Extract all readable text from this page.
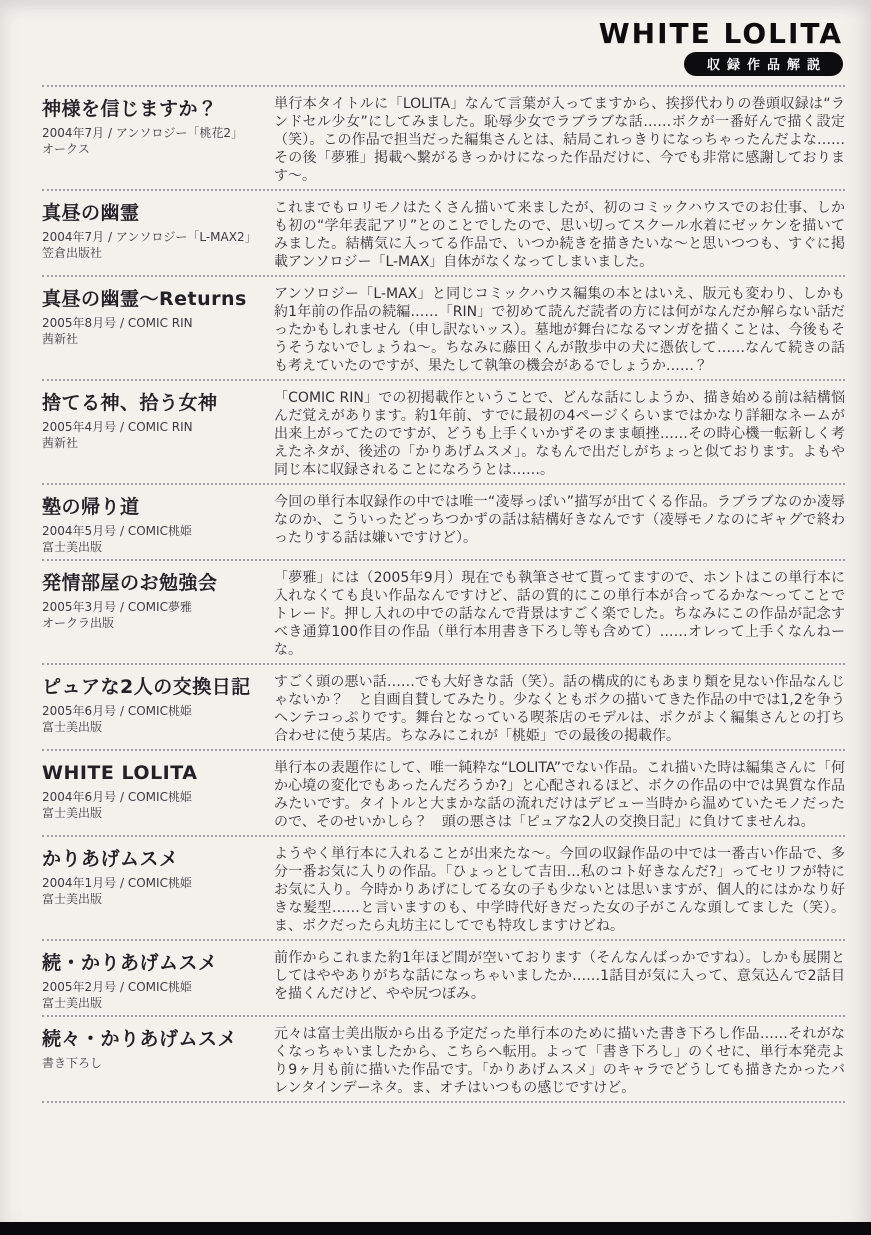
WHITE LOLITA
収録作品解説
神様を信じますか？
2004年7月 / アンソロジー「桃花2」
オークス
単行本タイトルに「LOLITA」なんて言葉が入ってますから、挨拶代わりの巻頭収録は“ランドセル少女”にしてみました。恥辱少女でラブラブな話……ボクが一番好んで描く設定（笑）。この作品で担当だった編集さんとは、結局これっきりになっちゃったんだよな……その後「夢雅」掲載へ繋がるきっかけになった作品だけに、今でも非常に感謝しております～。
真昼の幽霊
2004年7月 / アンソロジー「L-MAX2」
笠倉出版社
これまでもロリモノはたくさん描いて来ましたが、初のコミックハウスでのお仕事、しかも初の“学年表記アリ”とのことでしたので、思い切ってスクール水着にゼッケンを描いてみました。結構気に入ってる作品で、いつか続きを描きたいな～と思いつつも、すぐに掲載アンソロジー「L-MAX」自体がなくなってしまいました。
真昼の幽霊～Returns
2005年8月号 / COMIC RIN
茜新社
アンソロジー「L-MAX」と同じコミックハウス編集の本とはいえ、版元も変わり、しかも約1年前の作品の続編……「RIN」で初めて読んだ読者の方には何がなんだか解らない話だったかもしれません（申し訳ないッス）。墓地が舞台になるマンガを描くことは、今後もそうそうないでしょうね～。ちなみに藤田くんが散歩中の犬に憑依して……なんて続きの話も考えていたのですが、果たして執筆の機会があるでしょうか……？
捨てる神、拾う女神
2005年4月号 / COMIC RIN
茜新社
「COMIC RIN」での初掲載作ということで、どんな話にしようか、描き始める前は結構悩んだ覚えがあります。約1年前、すでに最初の4ページくらいまではかなり詳細なネームが出来上がってたのですが、どうも上手くいかずそのまま頓挫……その時心機一転新しく考えたネタが、後述の「かりあげムスメ」。なもんで出だしがちょっと似ております。よもや同じ本に収録されることになろうとは……。
塾の帰り道
2004年5月号 / COMIC桃姫
富士美出版
今回の単行本収録作の中では唯一“凌辱っぽい”描写が出てくる作品。ラブラブなのか凌辱なのか、こういったどっちつかずの話は結構好きなんです（凌辱モノなのにギャグで終わったりする話は嫌いですけど）。
発情部屋のお勉強会
2005年3月号 / COMIC夢雅
オークラ出版
「夢雅」には（2005年9月）現在でも執筆させて貰ってますので、ホントはこの単行本に入れなくても良い作品なんですけど、話の質的にこの単行本が合ってるかな～ってことでトレード。押し入れの中での話なんで背景はすごく楽でした。ちなみにこの作品が記念すべき通算100作目の作品（単行本用書き下ろし等も含めて）……オレって上手くなんねーな。
ピュアな2人の交換日記
2005年6月号 / COMIC桃姫
富士美出版
すごく頭の悪い話……でも大好きな話（笑）。話の構成的にもあまり類を見ない作品なんじゃないか？　と自画自賛してみたり。少なくともボクの描いてきた作品の中では1,2を争うヘンテコっぷりです。舞台となっている喫茶店のモデルは、ボクがよく編集さんとの打ち合わせに使う某店。ちなみにこれが「桃姫」での最後の掲載作。
WHITE LOLITA
2004年6月号 / COMIC桃姫
富士美出版
単行本の表題作にして、唯一純粋な“LOLITA”でない作品。これ描いた時は編集さんに「何か心境の変化でもあったんだろうか?」と心配されるほど、ボクの作品の中では異質な作品みたいです。タイトルと大まかな話の流れだけはデビュー当時から温めていたモノだったので、そのせいかしら？　頭の悪さは「ピュアな2人の交換日記」に負けてませんね。
かりあげムスメ
2004年1月号 / COMIC桃姫
富士美出版
ようやく単行本に入れることが出来たな～。今回の収録作品の中では一番古い作品で、多分一番お気に入りの作品。「ひょっとして吉田…私のコト好きなんだ?」ってセリフが特にお気に入り。今時かりあげにしてる女の子も少ないとは思いますが、個人的にはかなり好きな髪型……と言いますのも、中学時代好きだった女の子がこんな頭してました（笑）。ま、ボクだったら丸坊主にしてでも特攻しますけどね。
続・かりあげムスメ
2005年2月号 / COMIC桃姫
富士美出版
前作からこれまた約1年ほど間が空いております（そんなんばっかですね）。しかも展開としてはややありがちな話になっちゃいましたか……1話目が気に入って、意気込んで2話目を描くんだけど、やや尻つぼみ。
続々・かりあげムスメ
書き下ろし
元々は富士美出版から出る予定だった単行本のために描いた書き下ろし作品……それがなくなっちゃいましたから、こちらへ転用。よって「書き下ろし」のくせに、単行本発売より9ヶ月も前に描いた作品です。「かりあげムスメ」のキャラでどうしても描きたかったバレンタインデーネタ。ま、オチはいつもの感じですけど。
